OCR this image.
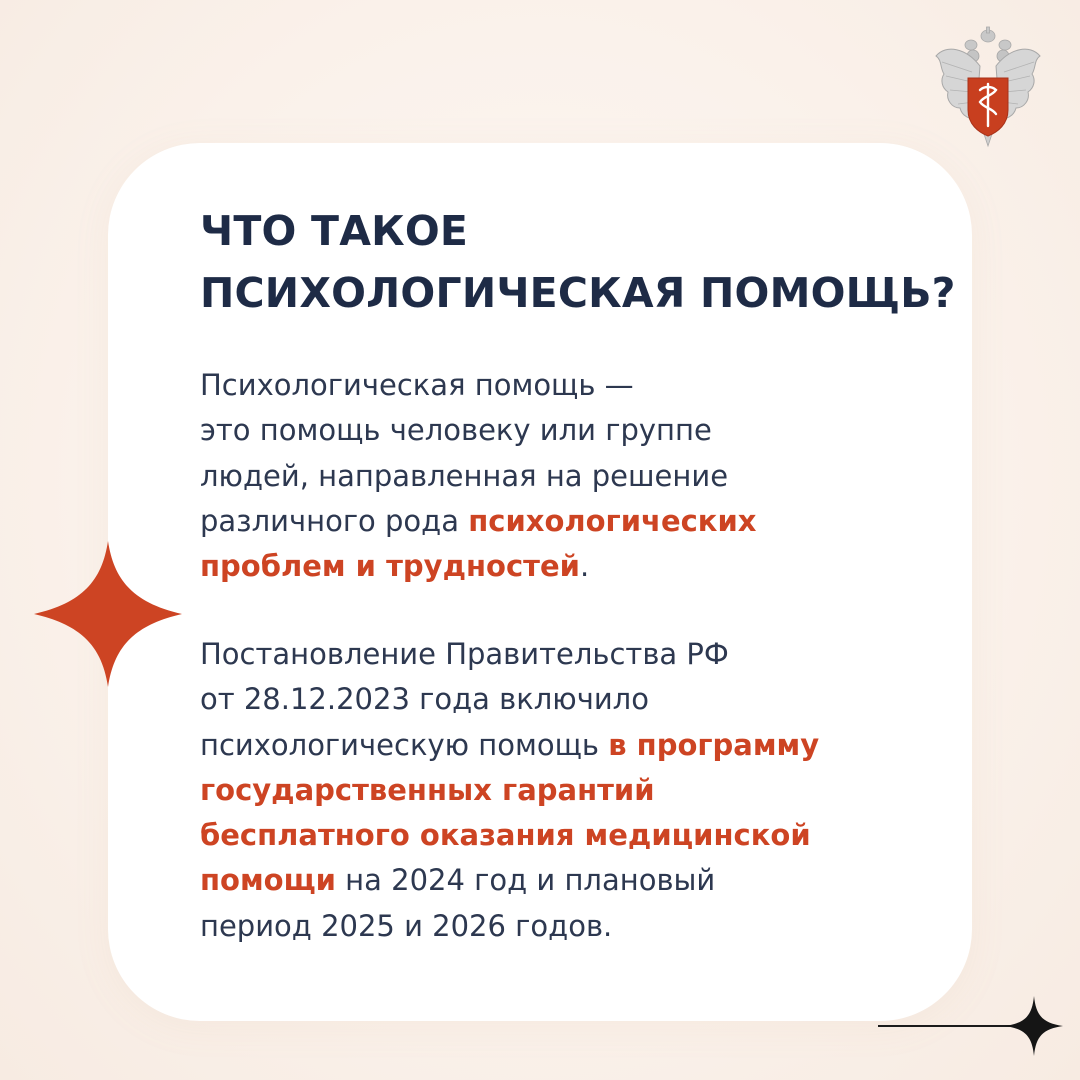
ЧТО ТАКОЕ
ПСИХОЛОГИЧЕСКАЯ ПОМОЩЬ?

Психологическая помощь —
это помощь человеку или группе
людей, направленная на решение
различного рода психологических
проблем и трудностей.

Постановление Правительства РФ
от 28.12.2023 года включило
психологическую помощь в программу
государственных гарантий
бесплатного оказания медицинской
помощи на 2024 год и плановый
период 2025 и 2026 годов.
